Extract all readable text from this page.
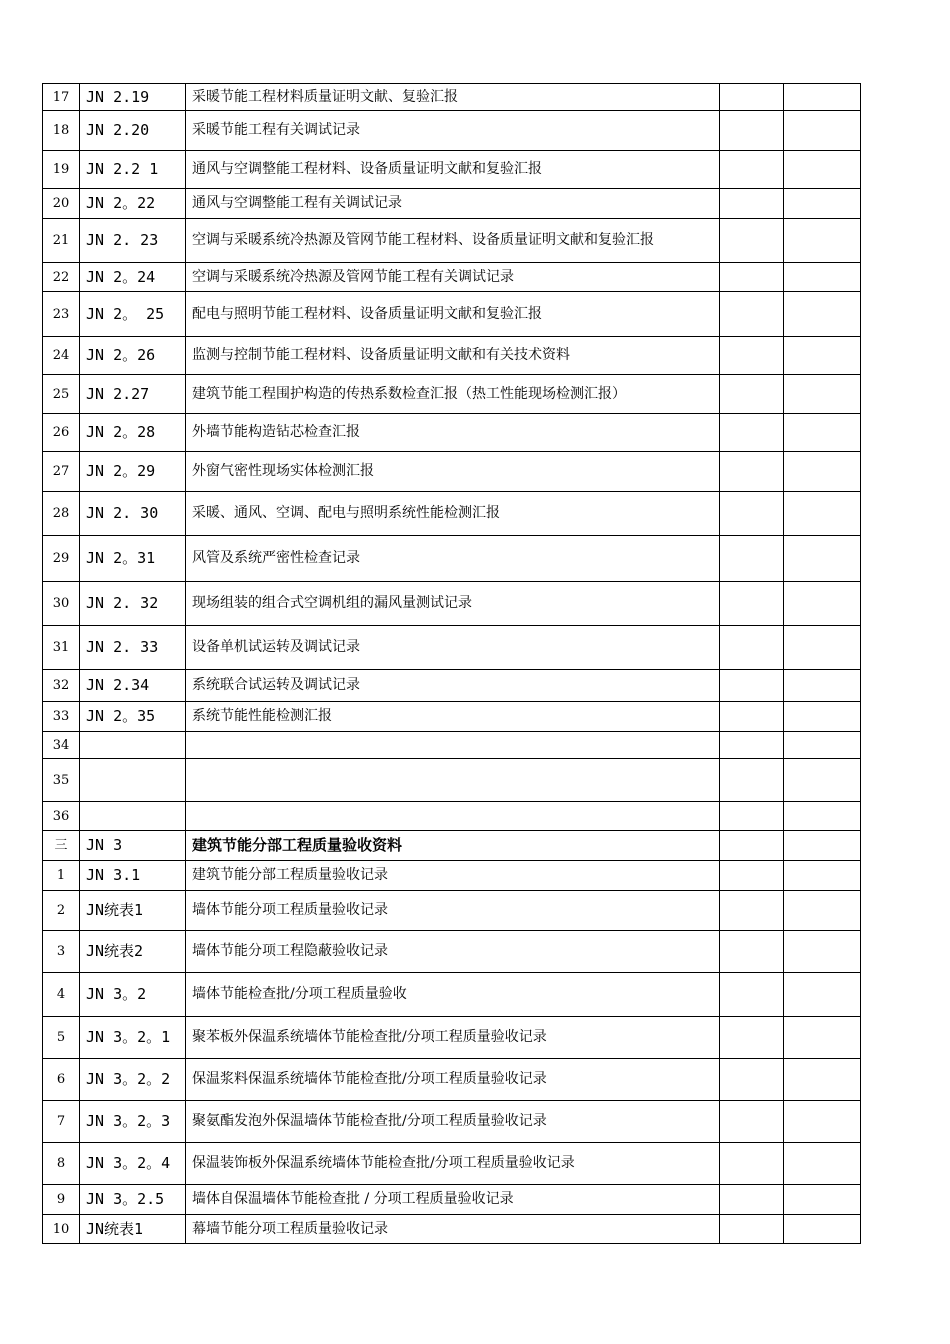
17	JN 2.19	采暖节能工程材料质量证明文献、复验汇报		
18	JN 2.20	采暖节能工程有关调试记录		
19	JN 2.2 1	通风与空调整能工程材料、设备质量证明文献和复验汇报		
20	JN 2。22	通风与空调整能工程有关调试记录		
21	JN 2. 23	空调与采暖系统冷热源及管网节能工程材料、设备质量证明文献和复验汇报		
22	JN 2。24	空调与采暖系统冷热源及管网节能工程有关调试记录		
23	JN 2。 25	配电与照明节能工程材料、设备质量证明文献和复验汇报		
24	JN 2。26	监测与控制节能工程材料、设备质量证明文献和有关技术资料		
25	JN 2.27	建筑节能工程围护构造的传热系数检查汇报（热工性能现场检测汇报）		
26	JN 2。28	外墙节能构造钻芯检查汇报		
27	JN 2。29	外窗气密性现场实体检测汇报		
28	JN 2. 30	采暖、通风、空调、配电与照明系统性能检测汇报		
29	JN 2。31	风管及系统严密性检查记录		
30	JN 2. 32	现场组装的组合式空调机组的漏风量测试记录		
31	JN 2. 33	设备单机试运转及调试记录		
32	JN 2.34	系统联合试运转及调试记录		
33	JN 2。35	系统节能性能检测汇报		
34				
35				
36				
三	JN 3	建筑节能分部工程质量验收资料		
1	JN 3.1	建筑节能分部工程质量验收记录		
2	JN统表1	墙体节能分项工程质量验收记录		
3	JN统表2	墙体节能分项工程隐蔽验收记录		
4	JN 3。2	墙体节能检查批/分项工程质量验收		
5	JN 3。2。1	聚苯板外保温系统墙体节能检查批/分项工程质量验收记录		
6	JN 3。2。2	保温浆料保温系统墙体节能检查批/分项工程质量验收记录		
7	JN 3。2。3	聚氨酯发泡外保温墙体节能检查批/分项工程质量验收记录		
8	JN 3。2。4	保温装饰板外保温系统墙体节能检查批/分项工程质量验收记录		
9	JN 3。2.5	墙体自保温墙体节能检查批 / 分项工程质量验收记录		
10	JN统表1	幕墙节能分项工程质量验收记录		
